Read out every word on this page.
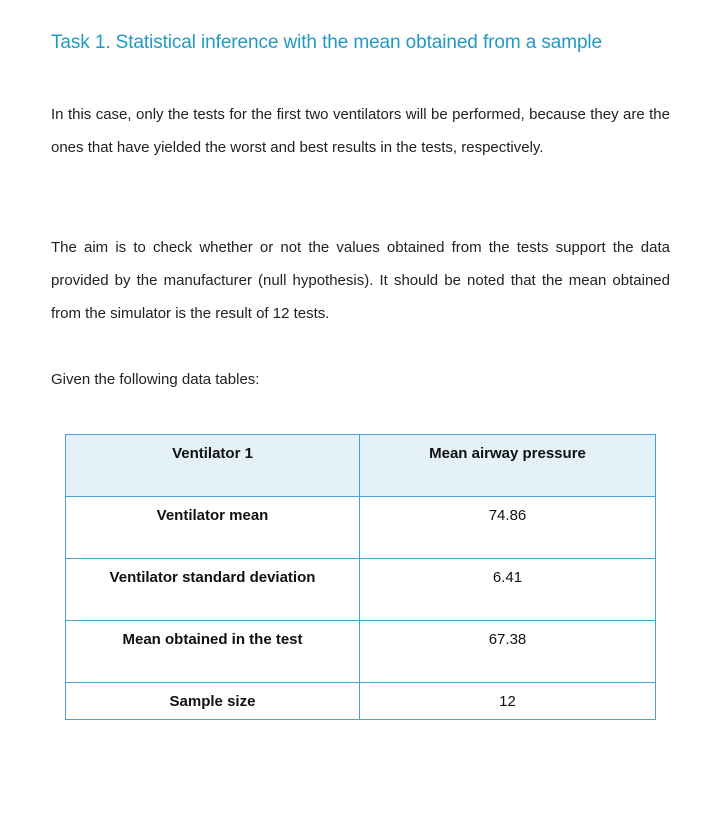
Task 1. Statistical inference with the mean obtained from a sample

In this case, only the tests for the first two ventilators will be performed, because they are the ones that have yielded the worst and best results in the tests, respectively.

The aim is to check whether or not the values obtained from the tests support the data provided by the manufacturer (null hypothesis). It should be noted that the mean obtained from the simulator is the result of 12 tests.

Given the following data tables:

Ventilator 1	Mean airway pressure
Ventilator mean	74.86
Ventilator standard deviation	6.41
Mean obtained in the test	67.38
Sample size	12
